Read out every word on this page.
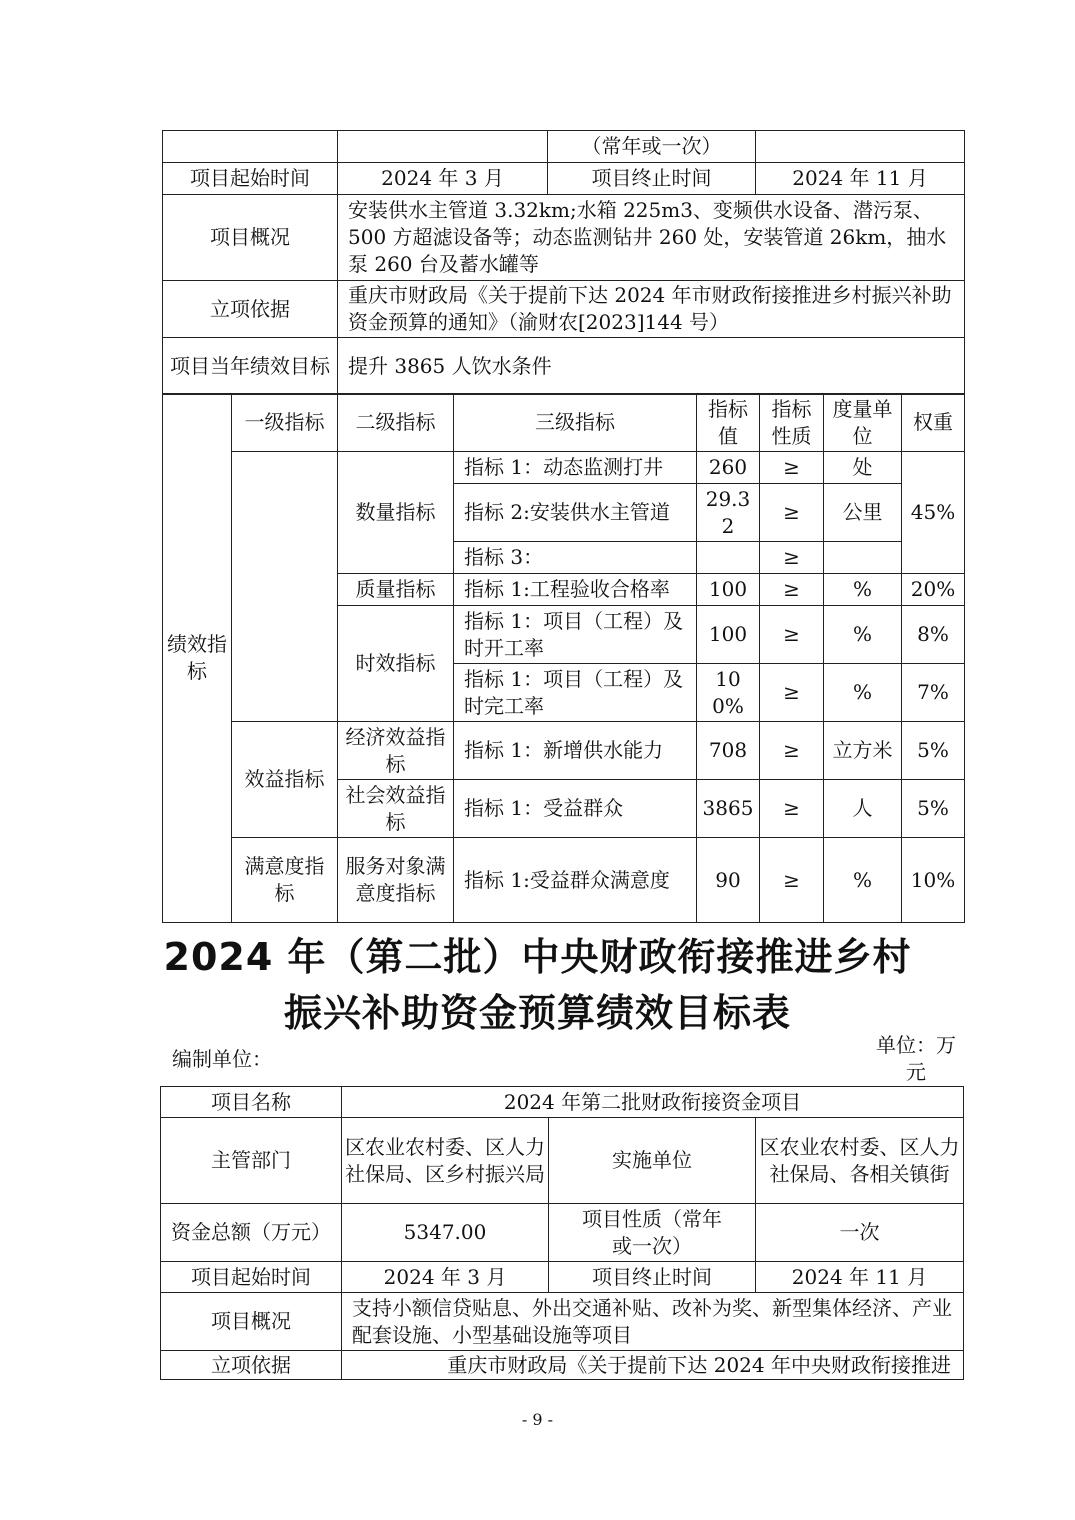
		（常年或一次）	
项目起始时间	2024 年 3 月	项目终止时间	2024 年 11 月
项目概况	安装供水主管道 3.32km;水箱 225m3、变频供水设备、潜污泵、500 方超滤设备等；动态监测钻井 260 处，安装管道 26km，抽水泵 260 台及蓄水罐等		
立项依据	重庆市财政局《关于提前下达 2024 年市财政衔接推进乡村振兴补助资金预算的通知》（渝财农[2023]144 号）		
项目当年绩效目标	提升 3865 人饮水条件		
绩效指标	一级指标	二级指标	三级指标	指标值	指标性质	度量单位	权重
		数量指标	指标 1：动态监测打井	260	≥	处	45%
			指标 2:安装供水主管道	29.32	≥	公里	
			指标 3：		≥		
		质量指标	指标 1:工程验收合格率	100	≥	%	20%
		时效指标	指标 1：项目（工程）及时开工率	100	≥	%	8%
			指标 1：项目（工程）及时完工率	100%	≥	%	7%
	效益指标	经济效益指标	指标 1：新增供水能力	708	≥	立方米	5%
		社会效益指标	指标 1：受益群众	3865	≥	人	5%
	满意度指标	服务对象满意度指标	指标 1:受益群众满意度	90	≥	%	10%
2024 年（第二批）中央财政衔接推进乡村
振兴补助资金预算绩效目标表
编制单位：
单位：万元
项目名称	2024 年第二批财政衔接资金项目		
主管部门	区农业农村委、区人力社保局、区乡村振兴局	实施单位	区农业农村委、区人力社保局、各相关镇街
资金总额（万元）	5347.00	项目性质（常年或一次）	一次
项目起始时间	2024 年 3 月	项目终止时间	2024 年 11 月
项目概况	支持小额信贷贴息、外出交通补贴、改补为奖、新型集体经济、产业配套设施、小型基础设施等项目		
立项依据	重庆市财政局《关于提前下达 2024 年中央财政衔接推进		
- 9 -
